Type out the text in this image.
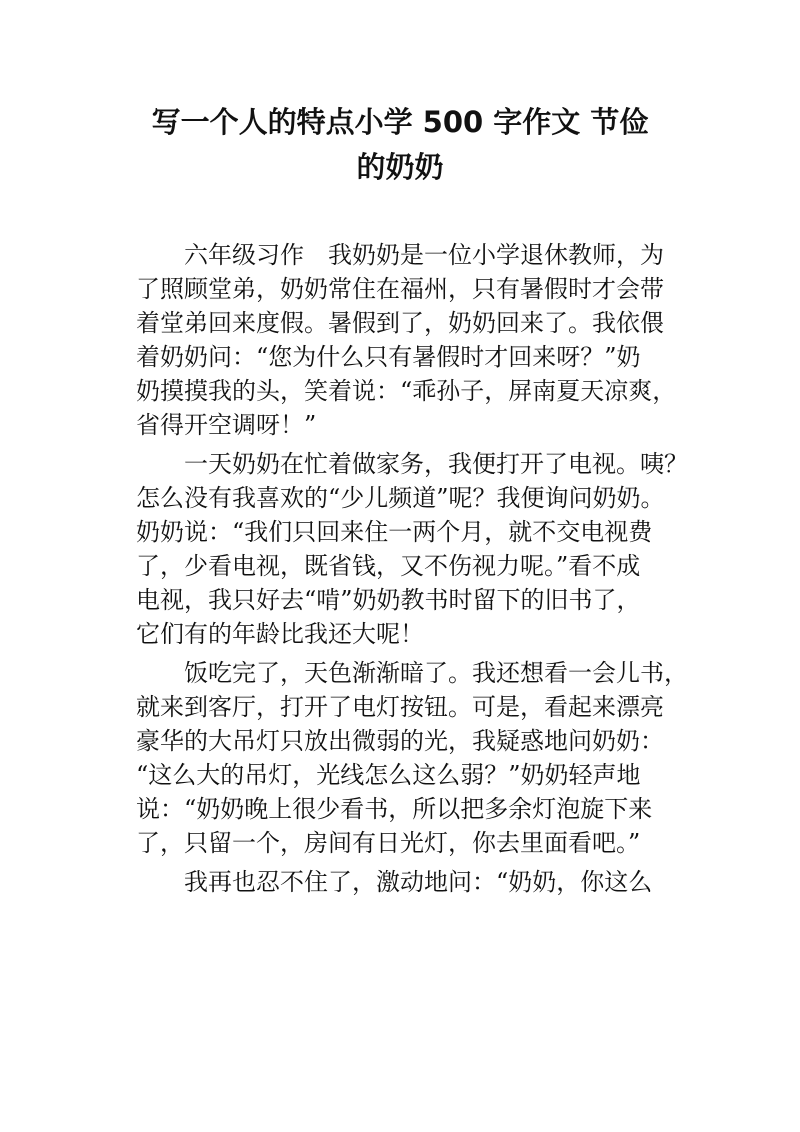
写一个人的特点小学 500 字作文 节俭
的奶奶
　　六年级习作　我奶奶是一位小学退休教师，为
了照顾堂弟，奶奶常住在福州，只有暑假时才会带
着堂弟回来度假。暑假到了，奶奶回来了。我依偎
着奶奶问：“您为什么只有暑假时才回来呀？”奶
奶摸摸我的头，笑着说：“乖孙子，屏南夏天凉爽，
省得开空调呀！”
　　一天奶奶在忙着做家务，我便打开了电视。咦？
怎么没有我喜欢的“少儿频道”呢？我便询问奶奶。
奶奶说：“我们只回来住一两个月，就不交电视费
了，少看电视，既省钱，又不伤视力呢。”看不成
电视，我只好去“啃”奶奶教书时留下的旧书了，
它们有的年龄比我还大呢！
　　饭吃完了，天色渐渐暗了。我还想看一会儿书，
就来到客厅，打开了电灯按钮。可是，看起来漂亮
豪华的大吊灯只放出微弱的光，我疑惑地问奶奶：
“这么大的吊灯，光线怎么这么弱？”奶奶轻声地
说：“奶奶晚上很少看书，所以把多余灯泡旋下来
了，只留一个，房间有日光灯，你去里面看吧。”
　　我再也忍不住了，激动地问：“奶奶，你这么
